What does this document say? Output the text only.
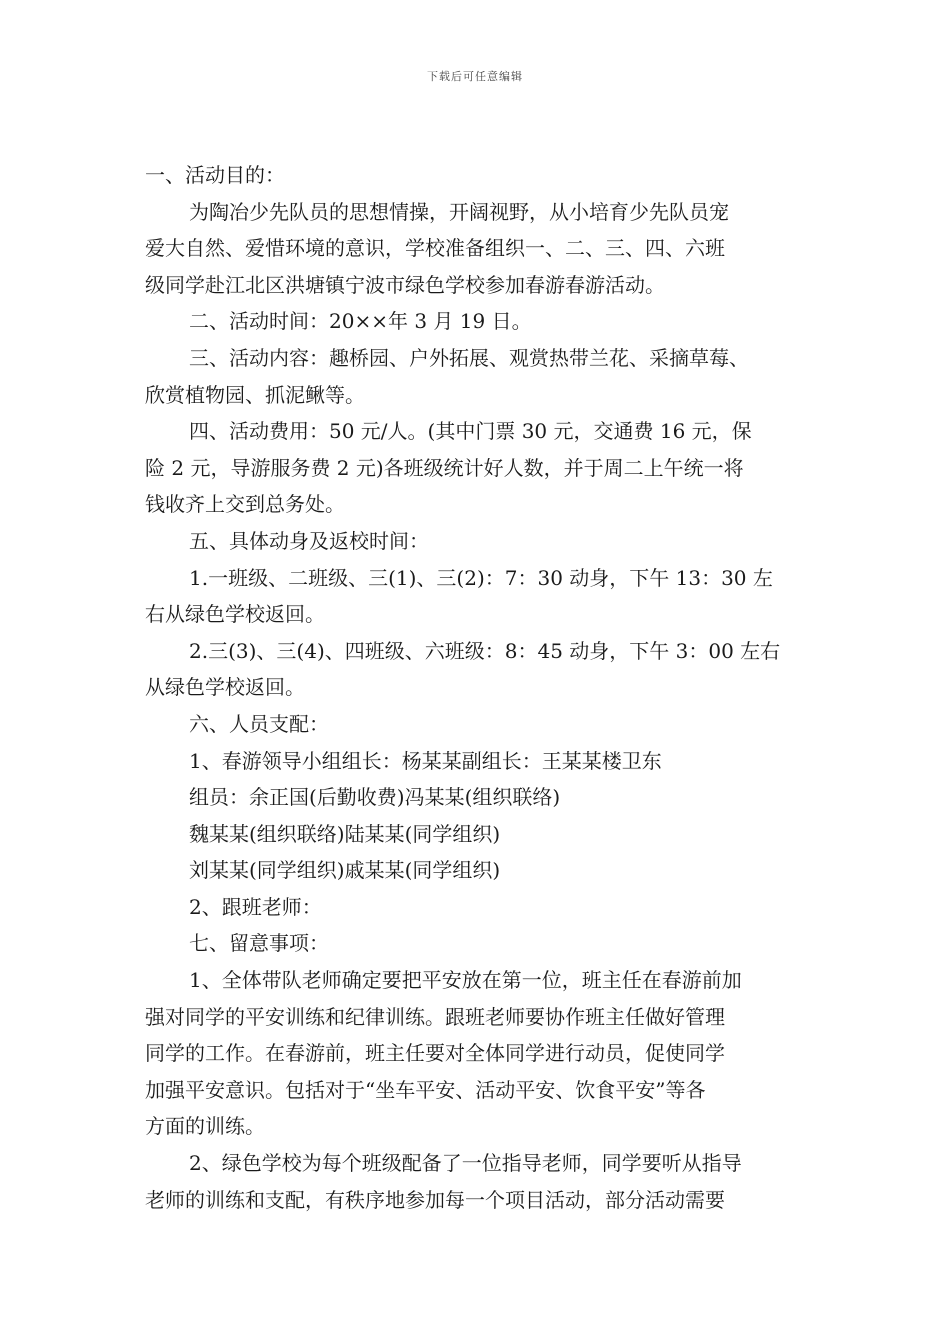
下载后可任意编辑
一、活动目的：
为陶冶少先队员的思想情操，开阔视野，从小培育少先队员宠
爱大自然、爱惜环境的意识，学校准备组织一、二、三、四、六班
级同学赴江北区洪塘镇宁波市绿色学校参加春游春游活动。
二、活动时间：20××年 3 月 19 日。
三、活动内容：趣桥园、户外拓展、观赏热带兰花、采摘草莓、
欣赏植物园、抓泥鳅等。
四、活动费用：50 元/人。(其中门票 30 元，交通费 16 元，保
险 2 元，导游服务费 2 元)各班级统计好人数，并于周二上午统一将
钱收齐上交到总务处。
五、具体动身及返校时间：
1.一班级、二班级、三(1)、三(2)：7：30 动身，下午 13：30 左
右从绿色学校返回。
2.三(3)、三(4)、四班级、六班级：8：45 动身，下午 3：00 左右
从绿色学校返回。
六、人员支配：
1、春游领导小组组长：杨某某副组长：王某某楼卫东
组员：余正国(后勤收费)冯某某(组织联络)
魏某某(组织联络)陆某某(同学组织)
刘某某(同学组织)戚某某(同学组织)
2、跟班老师：
七、留意事项：
1、全体带队老师确定要把平安放在第一位，班主任在春游前加
强对同学的平安训练和纪律训练。跟班老师要协作班主任做好管理
同学的工作。在春游前，班主任要对全体同学进行动员，促使同学
加强平安意识。包括对于“坐车平安、活动平安、饮食平安”等各
方面的训练。
2、绿色学校为每个班级配备了一位指导老师，同学要听从指导
老师的训练和支配，有秩序地参加每一个项目活动，部分活动需要
